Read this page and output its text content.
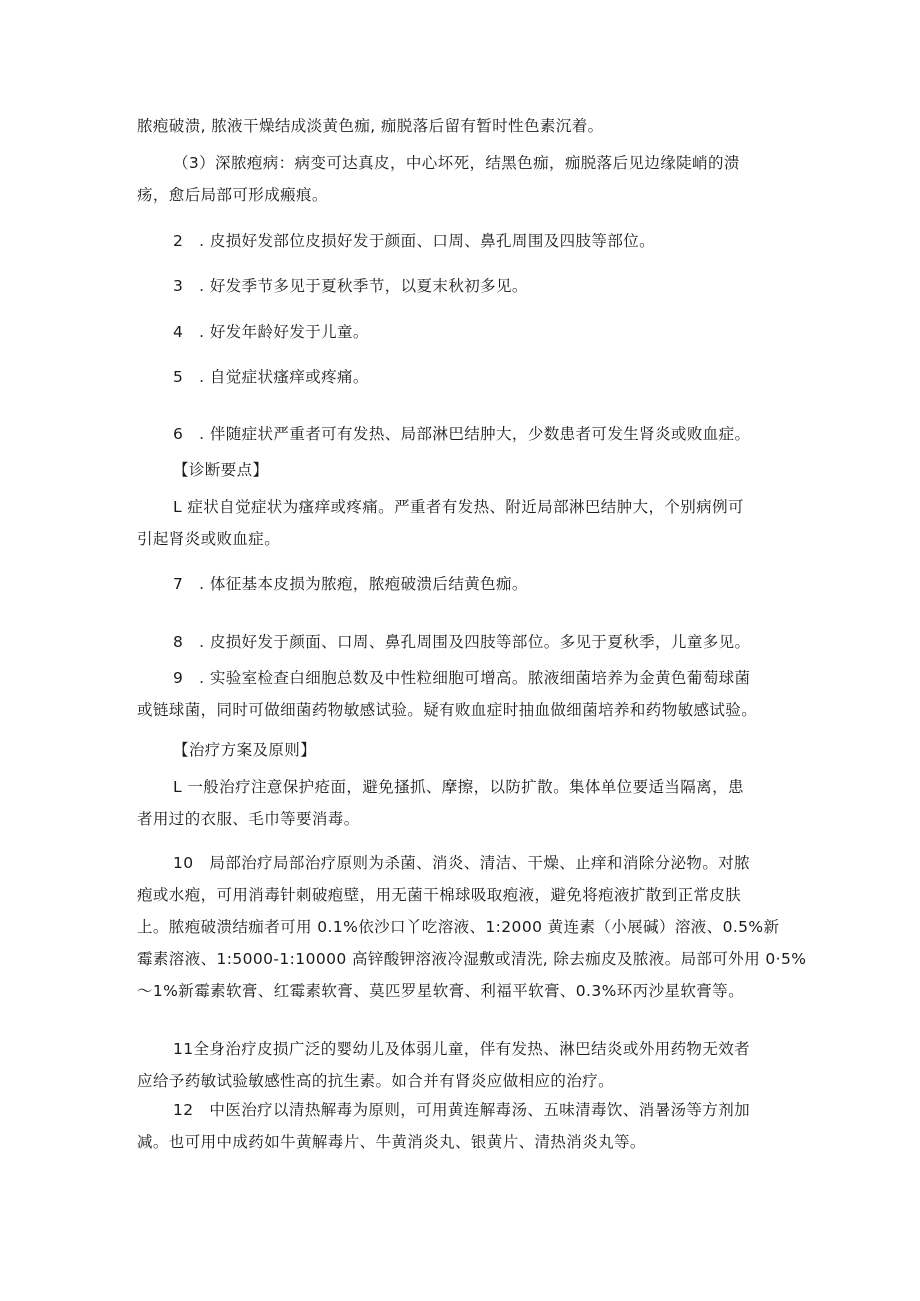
脓疱破溃, 脓液干燥结成淡黄色痂, 痂脱落后留有暂时性色素沉着。
（3）深脓疱病：病变可达真皮，中心坏死，结黑色痂，痂脱落后见边缘陡峭的溃
疡，愈后局部可形成瘢痕。
2　. 皮损好发部位皮损好发于颜面、口周、鼻孔周围及四肢等部位。
3　. 好发季节多见于夏秋季节，以夏末秋初多见。
4　. 好发年龄好发于儿童。
5　. 自觉症状瘙痒或疼痛。
6　. 伴随症状严重者可有发热、局部淋巴结肿大，少数患者可发生肾炎或败血症。
【诊断要点】
L 症状自觉症状为瘙痒或疼痛。严重者有发热、附近局部淋巴结肿大，个别病例可
引起肾炎或败血症。
7　. 体征基本皮损为脓疱，脓疱破溃后结黄色痂。
8　. 皮损好发于颜面、口周、鼻孔周围及四肢等部位。多见于夏秋季，儿童多见。
9　. 实验室检查白细胞总数及中性粒细胞可增高。脓液细菌培养为金黄色葡萄球菌
或链球菌，同时可做细菌药物敏感试验。疑有败血症时抽血做细菌培养和药物敏感试验。
【治疗方案及原则】
L 一般治疗注意保护疮面，避免搔抓、摩擦，以防扩散。集体单位要适当隔离，患
者用过的衣服、毛巾等要消毒。
10　局部治疗局部治疗原则为杀菌、消炎、清洁、干燥、止痒和消除分泌物。对脓
疱或水疱，可用消毒针刺破疱壁，用无菌干棉球吸取疱液，避免将疱液扩散到正常皮肤
上。脓疱破溃结痂者可用 0.1%依沙口丫吃溶液、1:2000 黄连素（小展碱）溶液、0.5%新
霉素溶液、1:5000-1:10000 高锌酸钾溶液冷湿敷或清洗, 除去痂皮及脓液。局部可外用 0·5%
～1%新霉素软膏、红霉素软膏、莫匹罗星软膏、利福平软膏、0.3%环丙沙星软膏等。
11全身治疗皮损广泛的婴幼儿及体弱儿童，伴有发热、淋巴结炎或外用药物无效者
应给予药敏试验敏感性高的抗生素。如合并有肾炎应做相应的治疗。
12　中医治疗以清热解毒为原则，可用黄连解毒汤、五味清毒饮、消暑汤等方剂加
减。也可用中成药如牛黄解毒片、牛黄消炎丸、银黄片、清热消炎丸等。
